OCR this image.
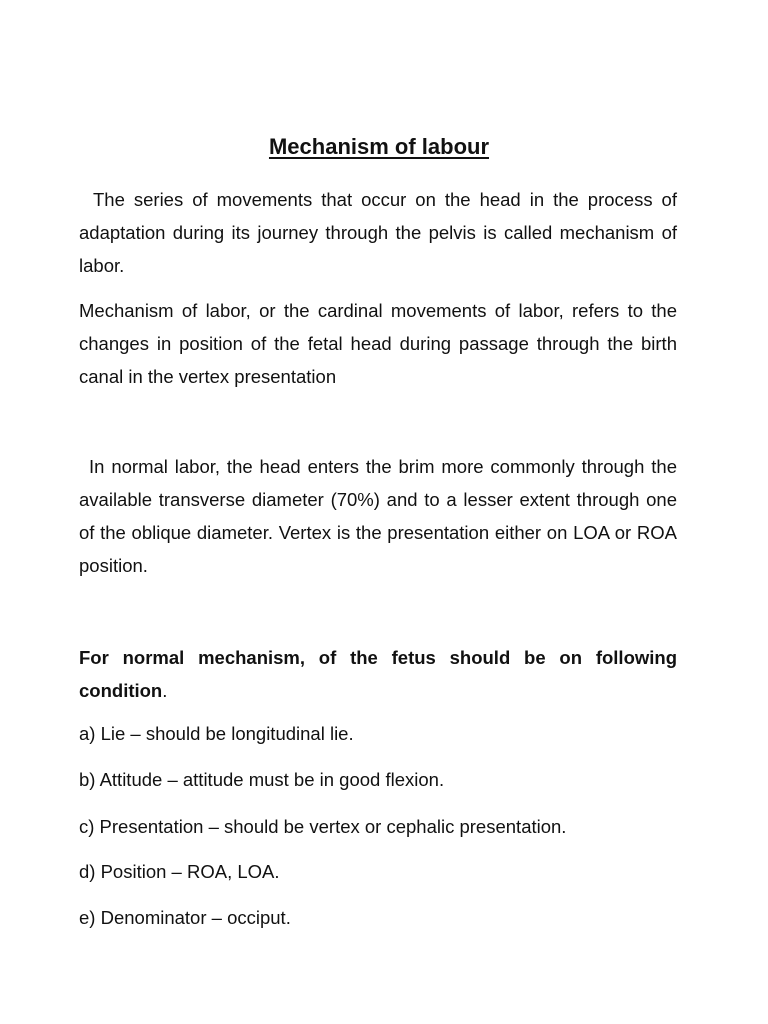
Mechanism of labour

The series of movements that occur on the head in the process of adaptation during its journey through the pelvis is called mechanism of labor.

Mechanism of labor, or the cardinal movements of labor, refers to the changes in position of the fetal head during passage through the birth canal in the vertex presentation

In normal labor, the head enters the brim more commonly through the available transverse diameter (70%) and to a lesser extent through one of the oblique diameter. Vertex is the presentation either on LOA or ROA position.

For normal mechanism, of the fetus should be on following condition.

a) Lie – should be longitudinal lie.
b) Attitude – attitude must be in good flexion.
c) Presentation – should be vertex or cephalic presentation.
d) Position – ROA, LOA.
e) Denominator – occiput.
